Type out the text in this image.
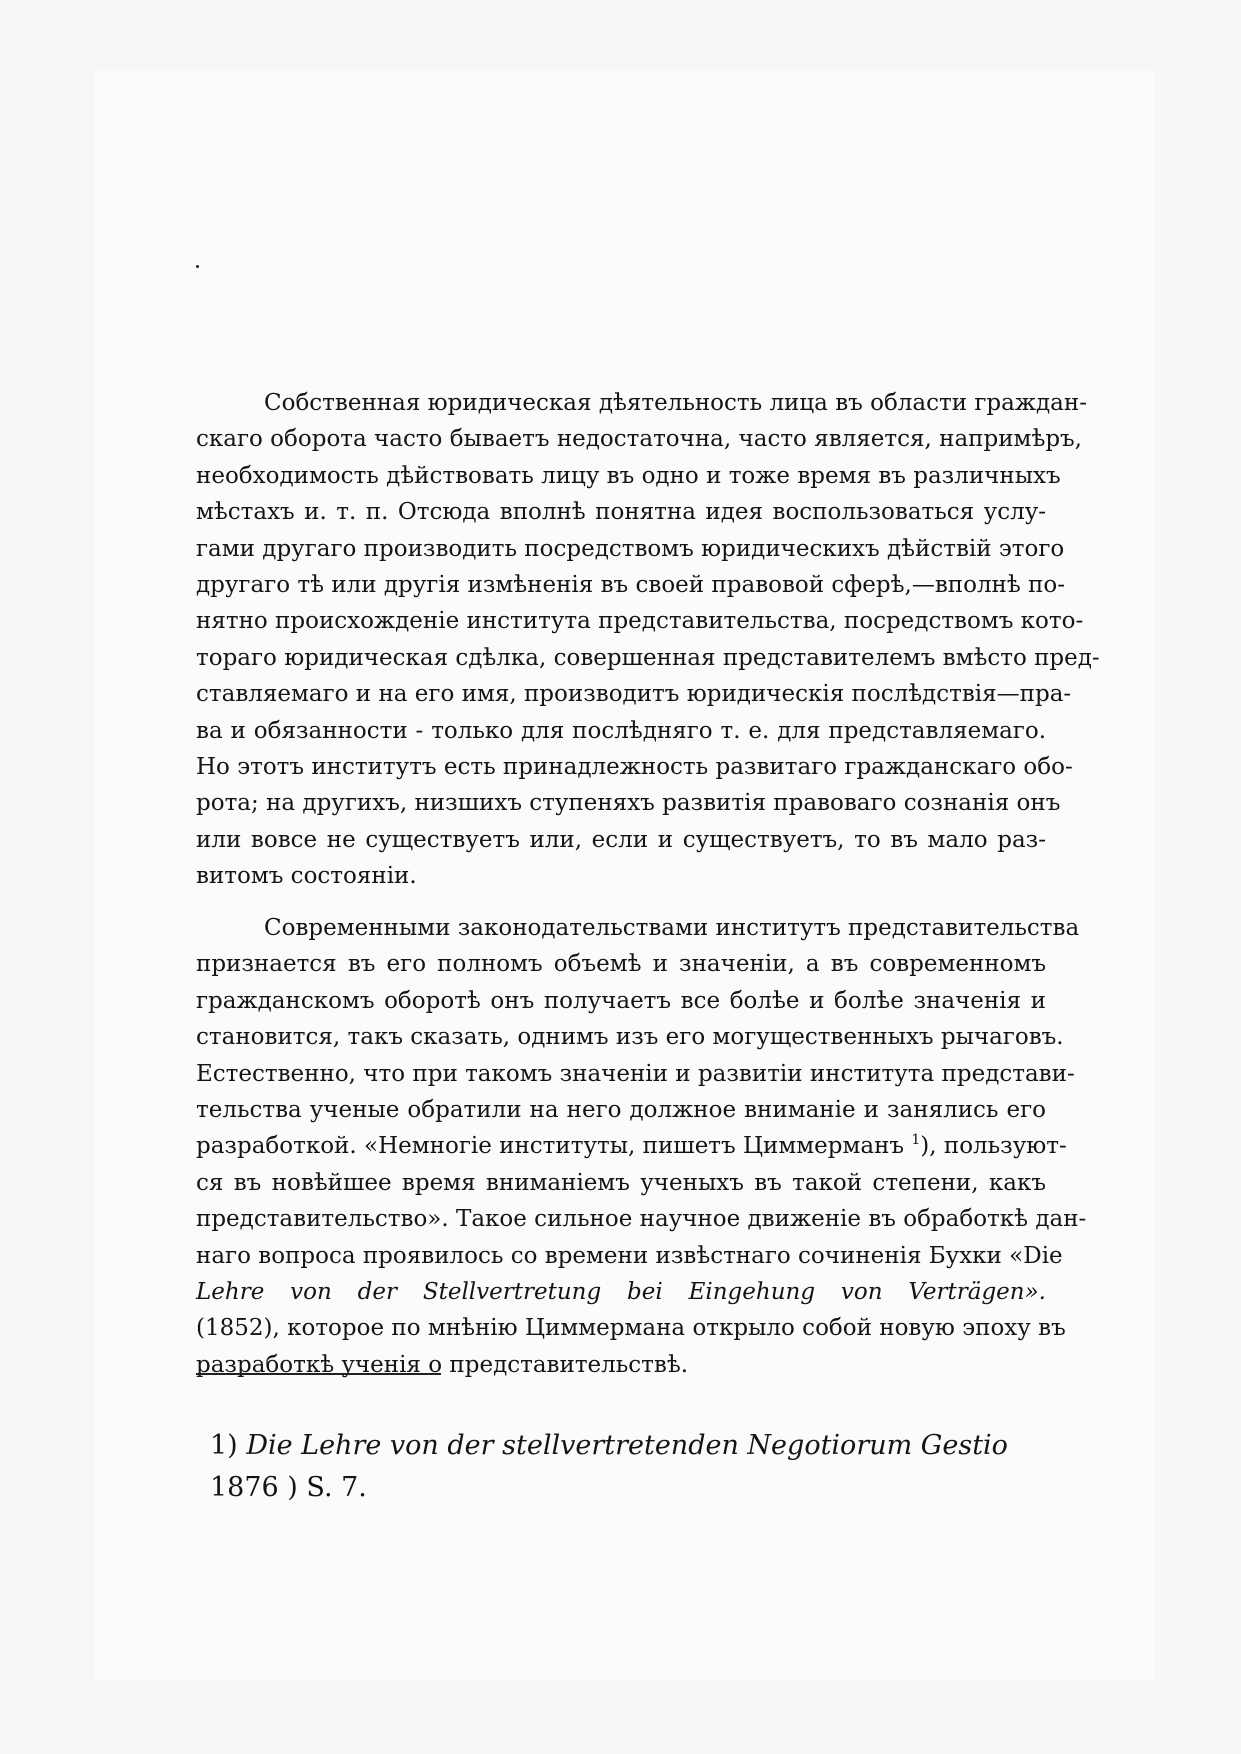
Собственная юридическая дѣятельность лица въ области граждан-
скаго оборота часто бываетъ недостаточна, часто является, напримѣръ,
необходимость дѣйствовать лицу въ одно и тоже время въ различныхъ
мѣстахъ и. т. п. Отсюда вполнѣ понятна идея воспользоваться услу-
гами другаго производить посредствомъ юридическихъ дѣйствій этого
другаго тѣ или другія измѣненія въ своей правовой сферѣ,—вполнѣ по-
нятно происхожденіе института представительства, посредствомъ кото-
тораго юридическая сдѣлка, совершенная представителемъ вмѣсто пред-
ставляемаго и на его имя, производитъ юридическія послѣдствія—пра-
ва и обязанности - только для послѣдняго т. е. для представляемаго.
Но этотъ институтъ есть принадлежность развитаго гражданскаго обо-
рота; на другихъ, низшихъ ступеняхъ развитія правоваго сознанія онъ
или вовсе не существуетъ или, если и существуетъ, то въ мало раз-
витомъ состояніи.
Современными законодательствами институтъ представительства
признается въ его полномъ объемѣ и значеніи, а въ современномъ
гражданскомъ оборотѣ онъ получаетъ все болѣе и болѣе значенія и
становится, такъ сказать, однимъ изъ его могущественныхъ рычаговъ.
Естественно, что при такомъ значеніи и развитіи института представи-
тельства ученые обратили на него должное вниманіе и занялись его
разработкой. «Немногіе институты, пишетъ Циммерманъ $^1$), пользуют-
ся въ новѣйшее время вниманіемъ ученыхъ въ такой степени, какъ
представительство». Такое сильное научное движеніе въ обработкѣ дан-
наго вопроса проявилось со времени извѣстнаго сочиненія Бухки «Die
Lehre von der Stellvertretung bei Eingehung von Verträgen».
(1852), которое по мнѣнію Циммермана открыло собой новую эпоху въ
разработкѣ ученія о представительствѣ.
1) Die Lehre von der stellvertretenden Negotiorum Gestio
1876 ) S. 7.
